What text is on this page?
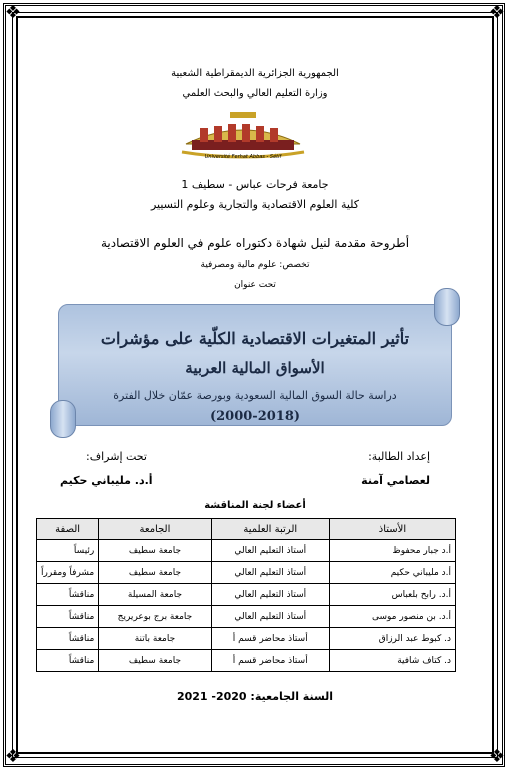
❖	❖
❖	❖
الجمهورية الجزائرية الديمقراطية الشعبية
وزارة التعليم العالي والبحث العلمي
Université Ferhat Abbas - Sétif
جامعة فرحات عباس - سطيف 1
كلية العلوم الاقتصادية والتجارية وعلوم التسيير
أطروحة مقدمة لنيل شهادة دكتوراه علوم في العلوم الاقتصادية
تخصص: علوم مالية ومصرفية
تحت عنوان
تأثير المتغيرات الاقتصادية الكلّية على مؤشرات
الأسواق المالية العربية
دراسة حالة السوق المالية السعودية وبورصة عمّان خلال الفترة
(2000-2018)
إعداد الطالبة:
لعصامي آمنة
تحت إشراف:
أ.د. مليباني حكيم
أعضاء لجنة المناقشة
الأستاذ	الرتبة العلمية	الجامعة	الصفة
أ.د جبار محفوظ	أستاذ التعليم العالي	جامعة سطيف	رئيساً
أ.د مليباني حكيم	أستاذ التعليم العالي	جامعة سطيف	مشرفاً ومقرراً
أ.د. رابح بلعباس	أستاذ التعليم العالي	جامعة المسيلة	مناقشاً
أ.د. بن منصور موسى	أستاذ التعليم العالي	جامعة برج بوعريريج	مناقشاً
د. كبوط عبد الرزاق	أستاذ محاضر قسم أ	جامعة باتنة	مناقشاً
د. كتاف شافية	أستاذ محاضر قسم أ	جامعة سطيف	مناقشاً
السنة الجامعية: 2020- 2021
